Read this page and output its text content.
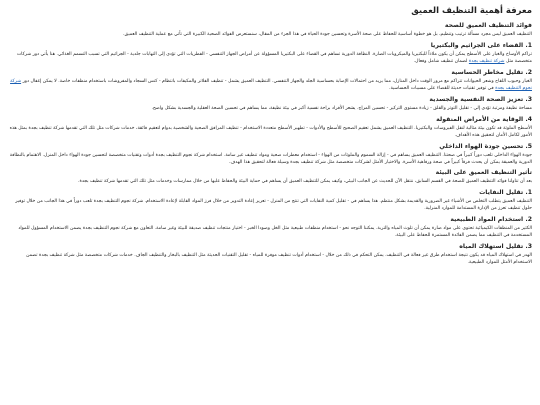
معرفة أهمية التنظيف العميق
فوائد التنظيف العميق للصحة

التنظيف العميق ليس مجرد مسألة ترتيب وتنظيم، بل هو خطوة أساسية للحفاظ على صحة الأسرة وتحسين جودة الحياة في هذا الجزء من المقال، سنستعرض الفوائد الصحية الكبيرة التي تأتي مع عملية التنظيف العميق.

1. القضاء على الجراثيم والبكتيريا

تراكم الأوساخ والغبار على الأسطح يمكن أن يكون ملاذاً للبكتيريا والميكروبات الضارة. النظافة الدورية تساهم في القضاء على البكتيريا المسؤولة عن أمراض الجهاز التنفسي - الفطريات التي تؤدي إلى التهابات جلدية - الجراثيم التي تسبب التسمم الغذائي. هنا يأتي دور شركات متخصصة مثل شركة تنظيف بجدة لضمان تنظيف شامل وفعال.

2. تقليل مخاطر الحساسية

الغبار وحبوب اللقاح وشعر الحيوانات تتراكم مع مرور الوقت داخل المنازل، مما يزيد من احتمالات الإصابة بحساسية الجلد والجهاز التنفسي. التنظيف العميق يشمل - تنظيف الفلاتر والمكيفات بانتظام - كنس السجاد والمفروشات باستخدام منظفات خاصة. لا يمكن إغفال دور شركة نجوم التنظيف بجدة في توفير تقنيات حديثة للقضاء على مسببات الحساسية.

3. تعزيز الصحة النفسية والجسدية

مساحة نظيفة ومرتبة تؤدي إلى - تقليل التوتر والقلق - زيادة مستوى التركيز - تحسين المزاج. يشعر الأفراد براحة نفسية أكبر في بيئة نظيفة، مما يساهم في تحسين الصحة العقلية والجسدية بشكل واضح.

4. الوقاية من الأمراض المنقولة

الأسطح الملوثة قد تكون بيئة مثالية لنقل الفيروسات والبكتيريا. التنظيف العميق يشمل تعقيم الصحيح للأسطح والأدوات - تطهير الأسطح متعددة الاستخدام - تنظيف المرافق الصحية والشخصية بدوام لتعقيم فائقة، خدمات شركات مثل تلك التي تقدمها شركة تنظيف بجدة بمثل هذه الأمور لكامل الأمان لتحقيق هذه الأهداف.

5. تحسين جودة الهواء الداخلي

جودة الهواء الداخلي تلعب دوراً كبيراً في صحتنا. التنظيف العميق يساهم في - إزالة السموم والملوثات من الهواء - استخدام معطرات صحية ومواد تنظيف غير سامة. استخدام شركة نجوم التنظيف بجدة أدوات وتقنيات متخصصة لتحسين جودة الهواء داخل المنزل. الاهتمام بالنظافة الدورية والعميقة يمكن أن يحدث فرقاً كبيراً في صحة ورفاهية الأسرة. والاختيار الأمثل لشركات متخصصة مثل شركة تنظيف بجدة وسيلة فعالة لتحقيق هذا الهدف.

تأثير التنظيف العميق على البيئة

بعد أن تناولنا فوائد التنظيف العميق للصحة في القسم السابق، ننتقل الآن للحديث عن الجانب البيئي، وكيف يمكن للتنظيف العميق أن يساهم في حماية البيئة والحفاظ عليها من خلال ممارسات وخدمات مثل تلك التي تقدمها شركة تنظيف بجدة.

1. تقليل النفايات

التنظيف العميق يتطلب التخلص من الأشياء غير الضرورية والقديمة بشكل منتظم. هذا يساهم في - تقليل كمية النفايات التي تنتج من المنزل - تعزيز إعادة التدوير من خلال فرز المواد القابلة لإعادة الاستخدام. شركة نجوم التنظيف بجدة تلعب دوراً في هذا الجانب من خلال توفير حلول تنظيف تعزز من الإدارة المستدامة للموارد المنزلية.

2. استخدام المواد الطبيعية

الكثير من المنظفات الكيميائية تحتوي على مواد ضارة يمكن أن تلوث المياه والتربة. يمكننا التوجه نحو - استخدام منظفات طبيعية مثل الخل وصودا الخبز - اختيار منتجات تنظيف صديقة للبيئة وغير سامة. التعاون مع شركة نجوم التنظيف بجدة يضمن الاستخدام المسؤول للمواد المستخدمة في التنظيف مما يضمن الفائدة المستمرة للحفاظ على البيئة.

3. تقليل استهلاك المياه

الهدر في استهلاك المياه قد يكون نتيجة استخدام طرق غير فعالة في التنظيف. يمكن التحكم في ذلك من خلال - استخدام أدوات تنظيف موفرة للمياه - تقليل التقنيات الحديثة مثل التنظيف بالبخار والتنظيف الجاف. خدمات شركات متخصصة مثل شركة تنظيف بجدة تضمن الاستخدام الأمثل للموارد الطبيعية.
